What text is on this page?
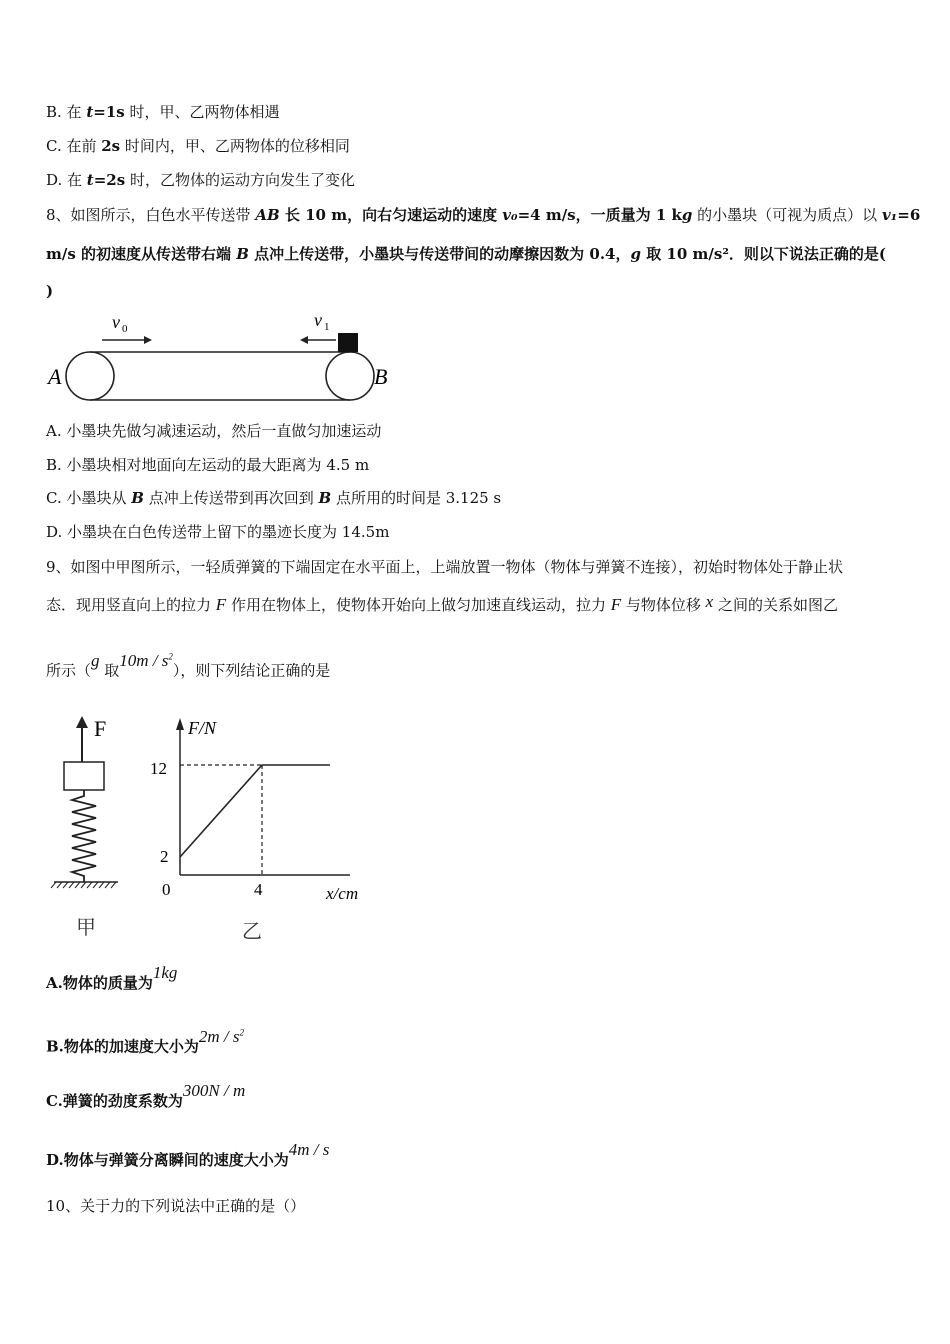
B. 在 t=1s 时，甲、乙两物体相遇
C. 在前 2s 时间内，甲、乙两物体的位移相同
D. 在 t=2s 时，乙物体的运动方向发生了变化
8、如图所示，白色水平传送带 AB 长 10 m，向右匀速运动的速度 v₀=4 m/s，一质量为 1 kg 的小墨块（可视为质点）以 v₁=6
m/s 的初速度从传送带右端 B 点冲上传送带，小墨块与传送带间的动摩擦因数为 0.4，g 取 10 m/s²．则以下说法正确的是(
)
v 0	v 1
A	B
A. 小墨块先做匀减速运动，然后一直做匀加速运动
B. 小墨块相对地面向左运动的最大距离为 4.5 m
C. 小墨块从 B 点冲上传送带到再次回到 B 点所用的时间是 3.125 s
D. 小墨块在白色传送带上留下的墨迹长度为 14.5m
9、如图中甲图所示，一轻质弹簧的下端固定在水平面上，上端放置一物体（物体与弹簧不连接），初始时物体处于静止状
态．现用竖直向上的拉力 F 作用在物体上，使物体开始向上做匀加速直线运动，拉力 F 与物体位移 x 之间的关系如图乙
所示（g 取$10m / s^2$），则下列结论正确的是
F
甲
F/N
x/cm
0
12
2
4
乙
A.物体的质量为1kg
B.物体的加速度大小为$2m / s^2$
C.弹簧的劲度系数为300N / m
D.物体与弹簧分离瞬间的速度大小为4m / s
10、关于力的下列说法中正确的是（）
